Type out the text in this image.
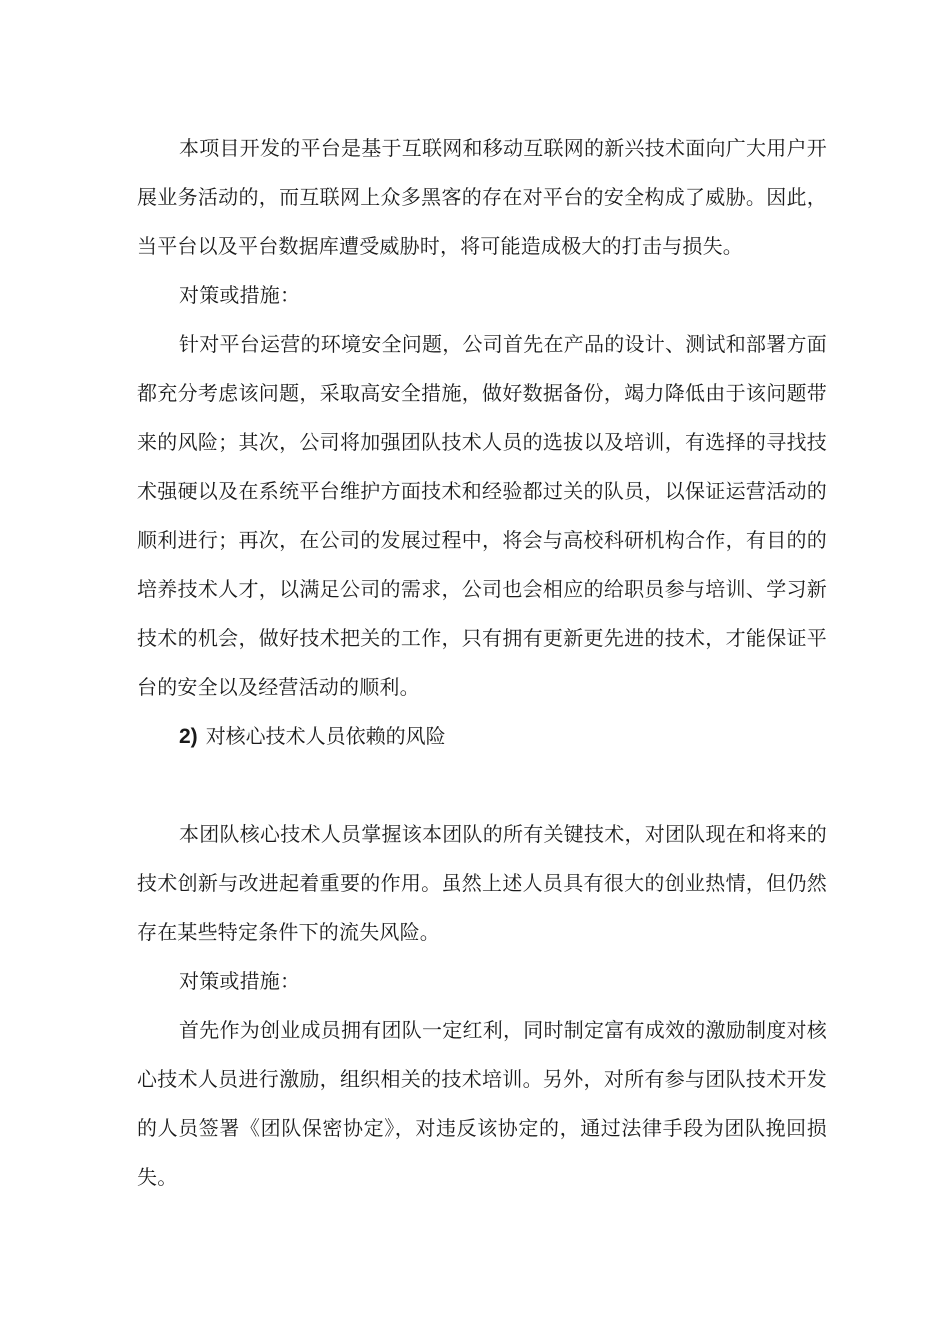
本项目开发的平台是基于互联网和移动互联网的新兴技术面向广大用户开
展业务活动的，而互联网上众多黑客的存在对平台的安全构成了威胁。因此，
当平台以及平台数据库遭受威胁时，将可能造成极大的打击与损失。
对策或措施：
针对平台运营的环境安全问题，公司首先在产品的设计、测试和部署方面
都充分考虑该问题，采取高安全措施，做好数据备份，竭力降低由于该问题带
来的风险；其次，公司将加强团队技术人员的选拔以及培训，有选择的寻找技
术强硬以及在系统平台维护方面技术和经验都过关的队员，以保证运营活动的
顺利进行；再次，在公司的发展过程中，将会与高校科研机构合作，有目的的
培养技术人才，以满足公司的需求，公司也会相应的给职员参与培训、学习新
技术的机会，做好技术把关的工作，只有拥有更新更先进的技术，才能保证平
台的安全以及经营活动的顺利。
2) 对核心技术人员依赖的风险
本团队核心技术人员掌握该本团队的所有关键技术，对团队现在和将来的
技术创新与改进起着重要的作用。虽然上述人员具有很大的创业热情，但仍然
存在某些特定条件下的流失风险。
对策或措施：
首先作为创业成员拥有团队一定红利，同时制定富有成效的激励制度对核
心技术人员进行激励，组织相关的技术培训。另外，对所有参与团队技术开发
的人员签署《团队保密协定》，对违反该协定的，通过法律手段为团队挽回损
失。
